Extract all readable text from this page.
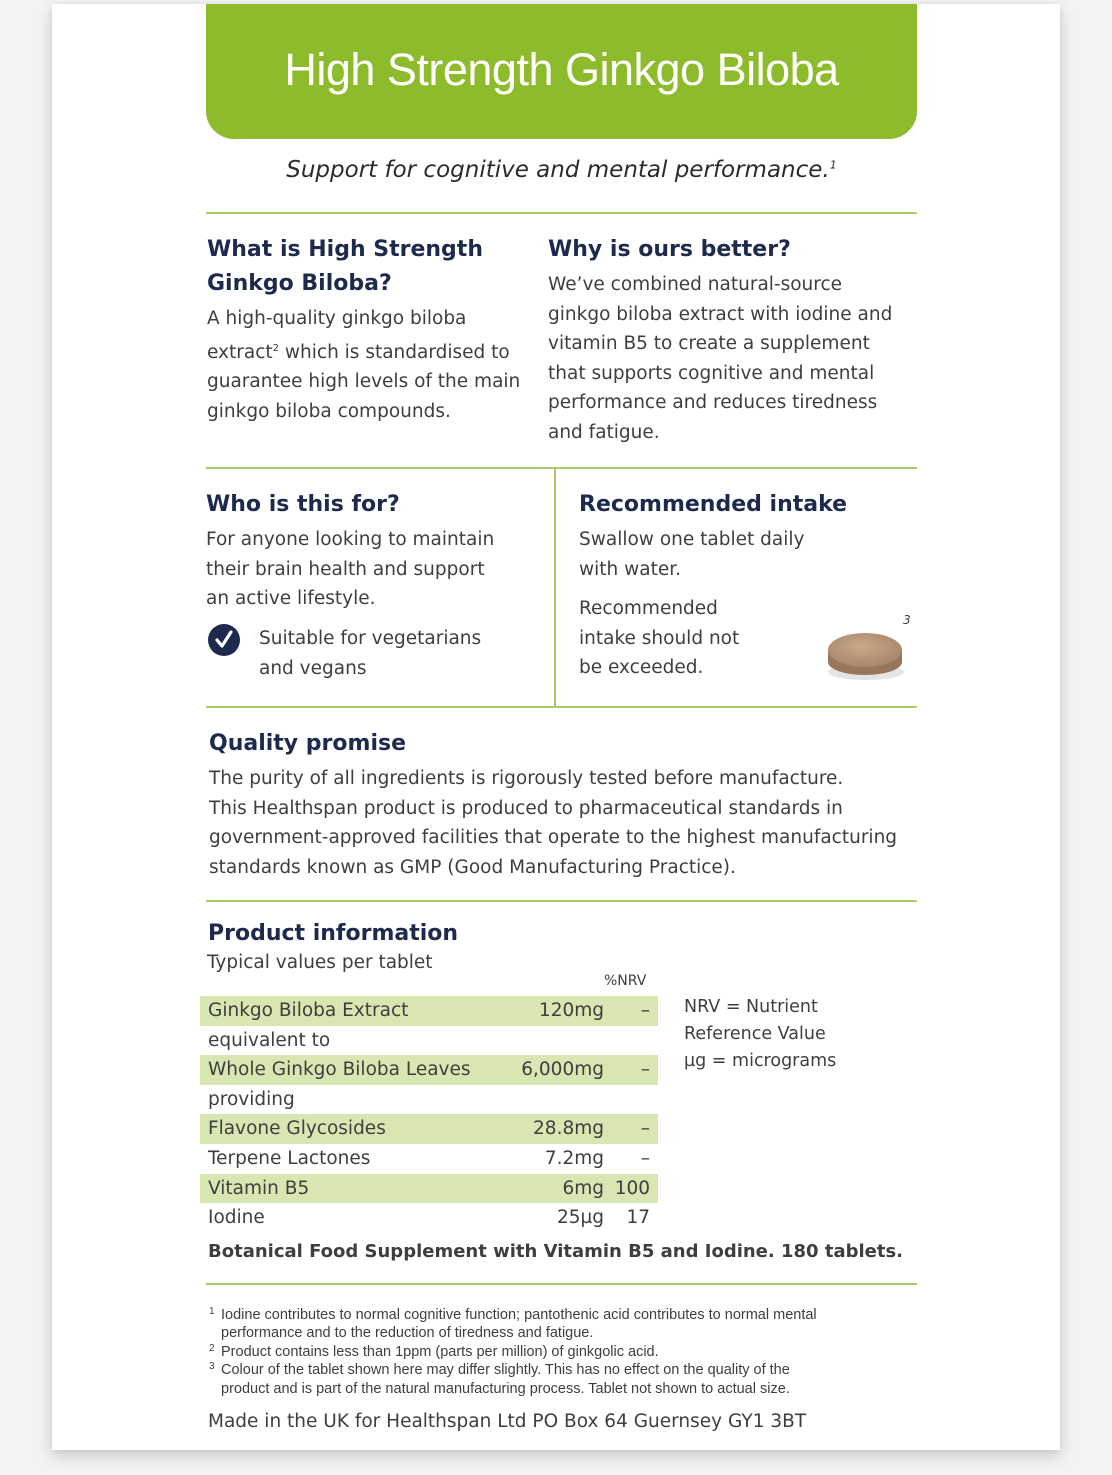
High Strength Ginkgo Biloba
Support for cognitive and mental performance.$^1$
What is High Strength
Ginkgo Biloba?
A high-quality ginkgo biloba
extract$^2$ which is standardised to
guarantee high levels of the main
ginkgo biloba compounds.
Why is ours better?
We’ve combined natural-source
ginkgo biloba extract with iodine and
vitamin B5 to create a supplement
that supports cognitive and mental
performance and reduces tiredness
and fatigue.
Who is this for?
For anyone looking to maintain
their brain health and support
an active lifestyle.
Suitable for vegetarians
and vegans
Recommended intake
Swallow one tablet daily
with water.
Recommended
intake should not
be exceeded.
3
Quality promise
The purity of all ingredients is rigorously tested before manufacture.
This Healthspan product is produced to pharmaceutical standards in
government-approved facilities that operate to the highest manufacturing
standards known as GMP (Good Manufacturing Practice).
Product information
Typical values per tablet
%NRV
Ginkgo Biloba Extract	120mg –
equivalent to
Whole Ginkgo Biloba Leaves	6,000mg –
providing
Flavone Glycosides	28.8mg –
Terpene Lactones	7.2mg –
Vitamin B5	6mg 100
Iodine	25µg 17
NRV = Nutrient
Reference Value
µg = micrograms
Botanical Food Supplement with Vitamin B5 and Iodine. 180 tablets.
1 Iodine contributes to normal cognitive function; pantothenic acid contributes to normal mental
performance and to the reduction of tiredness and fatigue.
2 Product contains less than 1ppm (parts per million) of ginkgolic acid.
3 Colour of the tablet shown here may differ slightly. This has no effect on the quality of the
product and is part of the natural manufacturing process. Tablet not shown to actual size.
Made in the UK for Healthspan Ltd PO Box 64 Guernsey GY1 3BT
